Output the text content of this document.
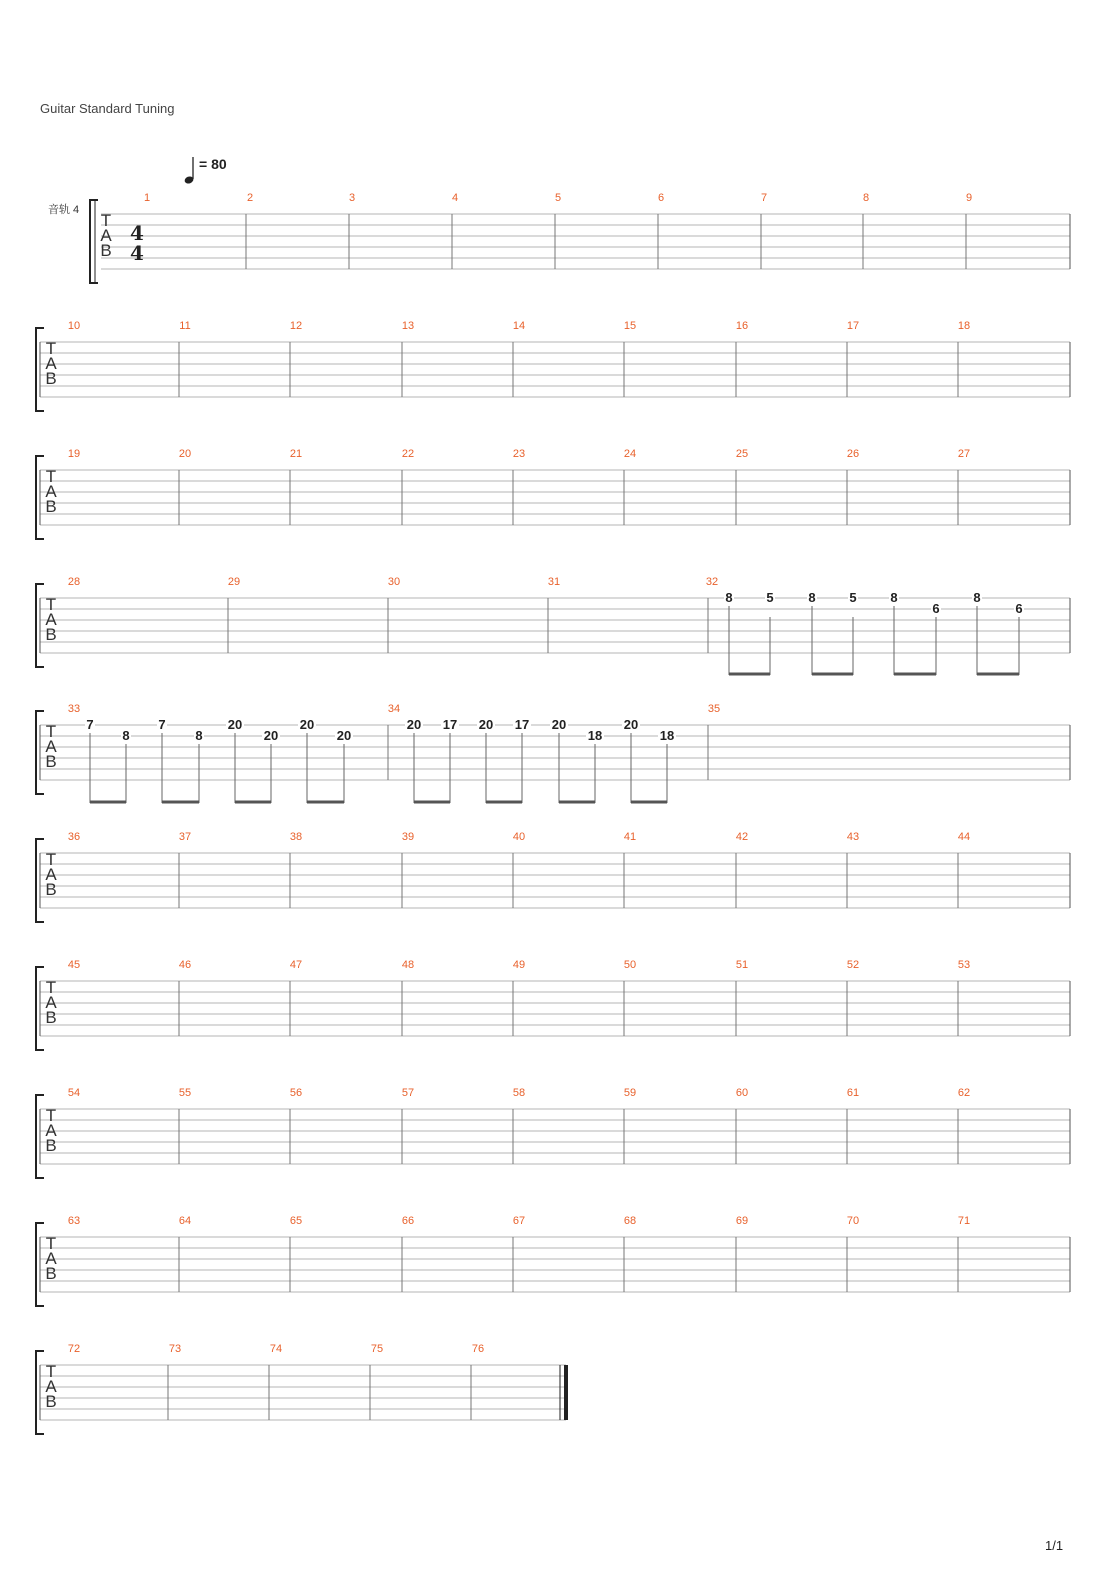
Guitar Standard Tuning
= 80
1/1
音轨 4
T
A
B
4
4
1	2	3	4	5	6	7	8	9
T
A
B
10	11	12	13	14	15	16	17	18
T
A
B
19	20	21	22	23	24	25	26	27
T
A
B
28	29	30	31	32
T
A
B
33	34	35
T
A
B
36	37	38	39	40	41	42	43	44
T
A
B
45	46	47	48	49	50	51	52	53
T
A
B
54	55	56	57	58	59	60	61	62
T
A
B
63	64	65	66	67	68	69	70	71
T
A
B
72	73	74	75	76
8	5	8	5	8
6
8
6
7
8
7
8
20
20
20
20
20 17 20 17 20
18
20
18
